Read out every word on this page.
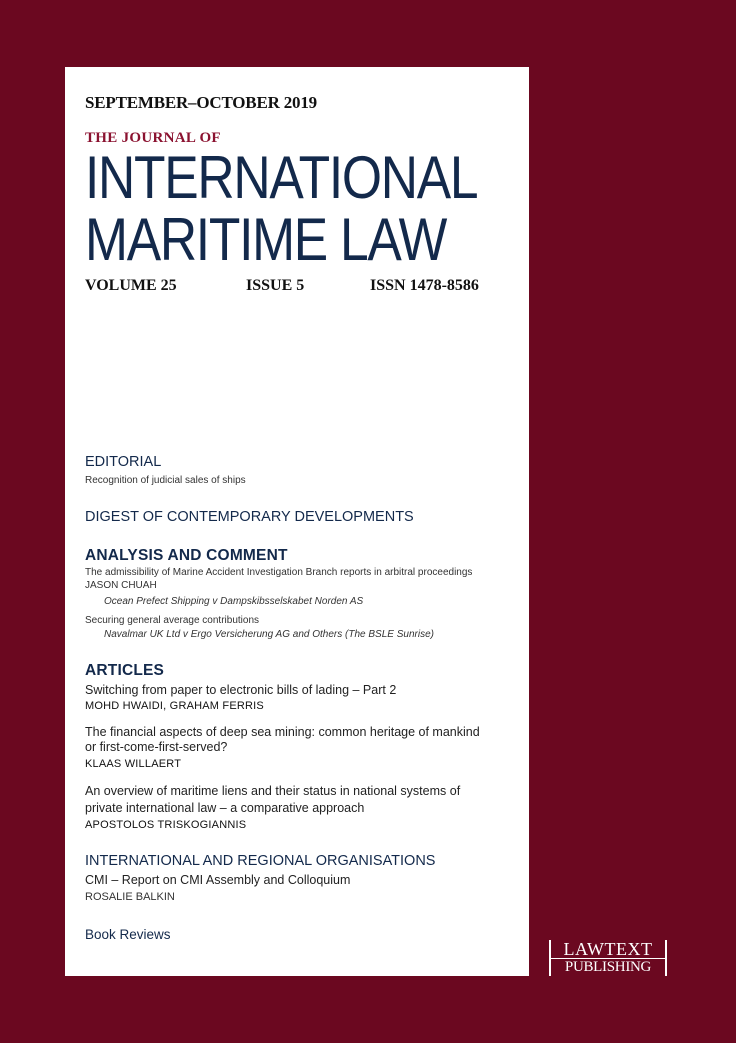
SEPTEMBER–OCTOBER 2019
THE JOURNAL OF
INTERNATIONAL
MARITIME LAW
VOLUME 25	ISSUE 5	ISSN 1478-8586
EDITORIAL
Recognition of judicial sales of ships
DIGEST OF CONTEMPORARY DEVELOPMENTS
ANALYSIS AND COMMENT
The admissibility of Marine Accident Investigation Branch reports in arbitral proceedings
JASON CHUAH
Ocean Prefect Shipping v Dampskibsselskabet Norden AS
Securing general average contributions
Navalmar UK Ltd v Ergo Versicherung AG and Others (The BSLE Sunrise)
ARTICLES
Switching from paper to electronic bills of lading – Part 2
MOHD HWAIDI, GRAHAM FERRIS
The financial aspects of deep sea mining: common heritage of mankind
or first-come-first-served?
KLAAS WILLAERT
An overview of maritime liens and their status in national systems of
private international law – a comparative approach
APOSTOLOS TRISKOGIANNIS
INTERNATIONAL AND REGIONAL ORGANISATIONS
CMI – Report on CMI Assembly and Colloquium
ROSALIE BALKIN
Book Reviews
LAWTEXT
PUBLISHING
